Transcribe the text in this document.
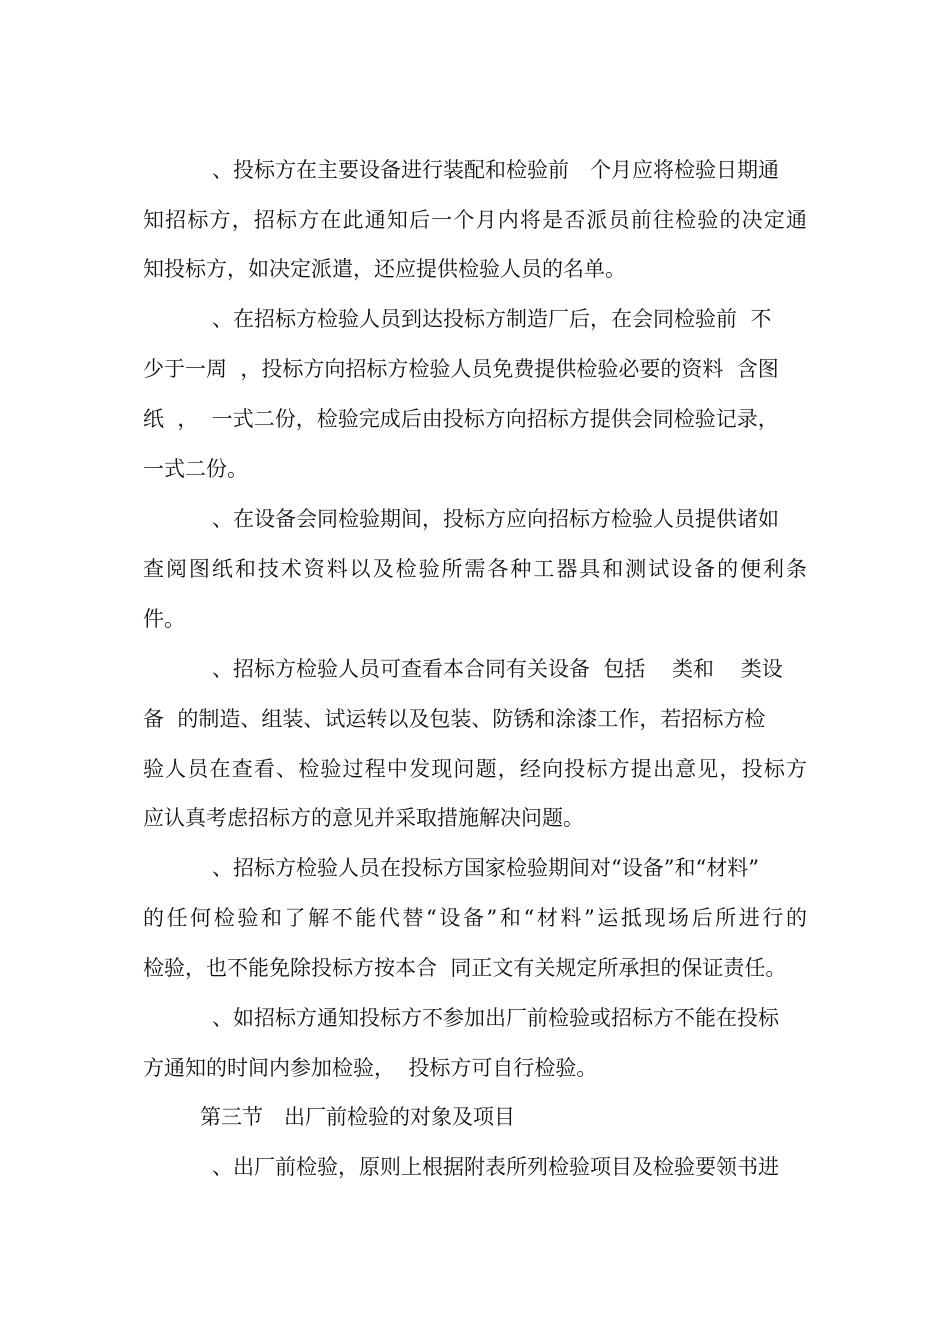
、投标方在主要设备进行装配和检验前　个月应将检验日期通
知招标方，招标方在此通知后一个月内将是否派员前往检验的决定通
知投标方，如决定派遣，还应提供检验人员的名单。
、在招标方检验人员到达投标方制造厂后，在会同检验前  不
少于一周  ，投标方向招标方检验人员免费提供检验必要的资料  含图
纸  ，  一式二份，检验完成后由投标方向招标方提供会同检验记录，
一式二份。
、在设备会同检验期间，投标方应向招标方检验人员提供诸如
查阅图纸和技术资料以及检验所需各种工器具和测试设备的便利条
件。
、招标方检验人员可查看本合同有关设备  包括    类和    类设
备  的制造、组装、试运转以及包装、防锈和涂漆工作，若招标方检
验人员在查看、检验过程中发现问题，经向投标方提出意见，投标方
应认真考虑招标方的意见并采取措施解决问题。
、招标方检验人员在投标方国家检验期间对“设备”和“材料”
的任何检验和了解不能代替“设备”和“材料”运抵现场后所进行的
检验，也不能免除投标方按本合  同正文有关规定所承担的保证责任。
、如招标方通知投标方不参加出厂前检验或招标方不能在投标
方通知的时间内参加检验，  投标方可自行检验。
第三节　出厂前检验的对象及项目
、出厂前检验，原则上根据附表所列检验项目及检验要领书进
